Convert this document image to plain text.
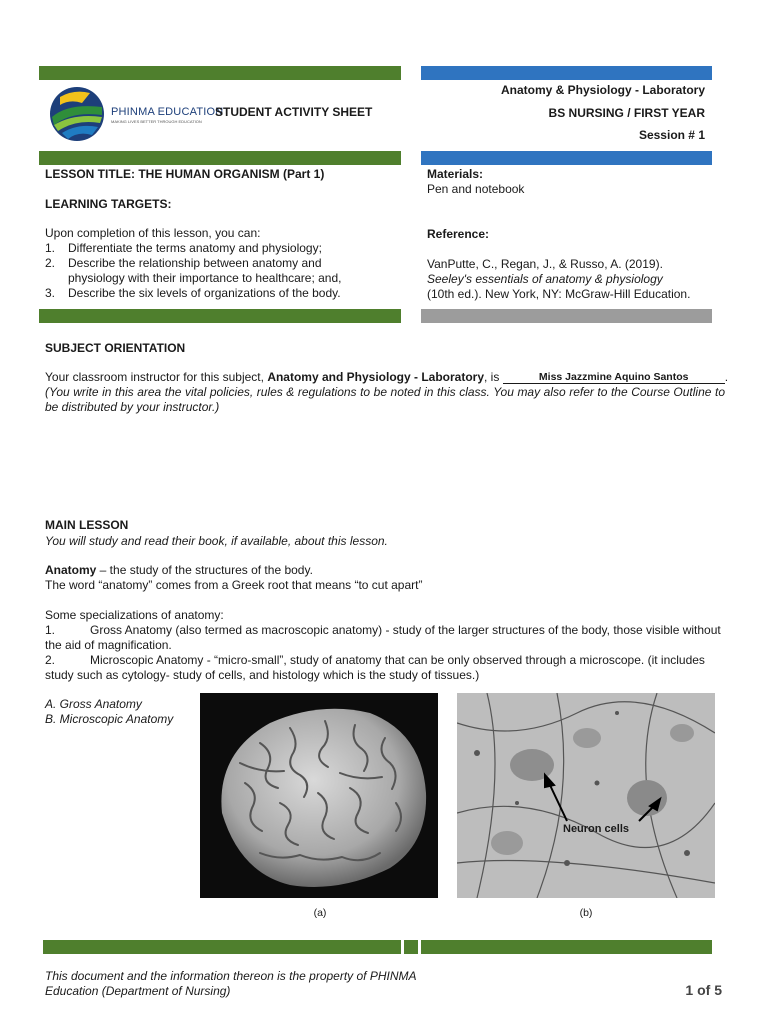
PHINMA EDUCATION
MAKING LIVES BETTER THROUGH EDUCATION
STUDENT ACTIVITY SHEET
Anatomy & Physiology - Laboratory
BS NURSING / FIRST YEAR
Session # 1
LESSON TITLE: THE HUMAN ORGANISM (Part 1)
LEARNING TARGETS:
Upon completion of this lesson, you can:
1. Differentiate the terms anatomy and physiology;
2. Describe the relationship between anatomy and physiology with their importance to healthcare; and,
3. Describe the six levels of organizations of the body.
Materials:
Pen and notebook
Reference:
VanPutte, C., Regan, J., & Russo, A. (2019).
Seeley's essentials of anatomy & physiology
(10th ed.). New York, NY: McGraw-Hill Education.
SUBJECT ORIENTATION
Your classroom instructor for this subject, Anatomy and Physiology - Laboratory, is	Miss Jazzmine Aquino Santos	.
(You write in this area the vital policies, rules & regulations to be noted in this class. You may also refer to the Course Outline to be distributed by your instructor.)
MAIN LESSON
You will study and read their book, if available, about this lesson.
Anatomy – the study of the structures of the body.
The word “anatomy” comes from a Greek root that means “to cut apart”
Some specializations of anatomy:
1.	Gross Anatomy (also termed as macroscopic anatomy) - study of the larger structures of the body, those visible without the aid of magnification.
2.	Microscopic Anatomy - “micro-small”, study of anatomy that can be only observed through a microscope. (it includes study such as cytology- study of cells, and histology which is the study of tissues.)
A. Gross Anatomy
B. Microscopic Anatomy
(a)
Neuron cells
(b)
This document and the information thereon is the property of PHINMA Education (Department of Nursing)	1 of 5
